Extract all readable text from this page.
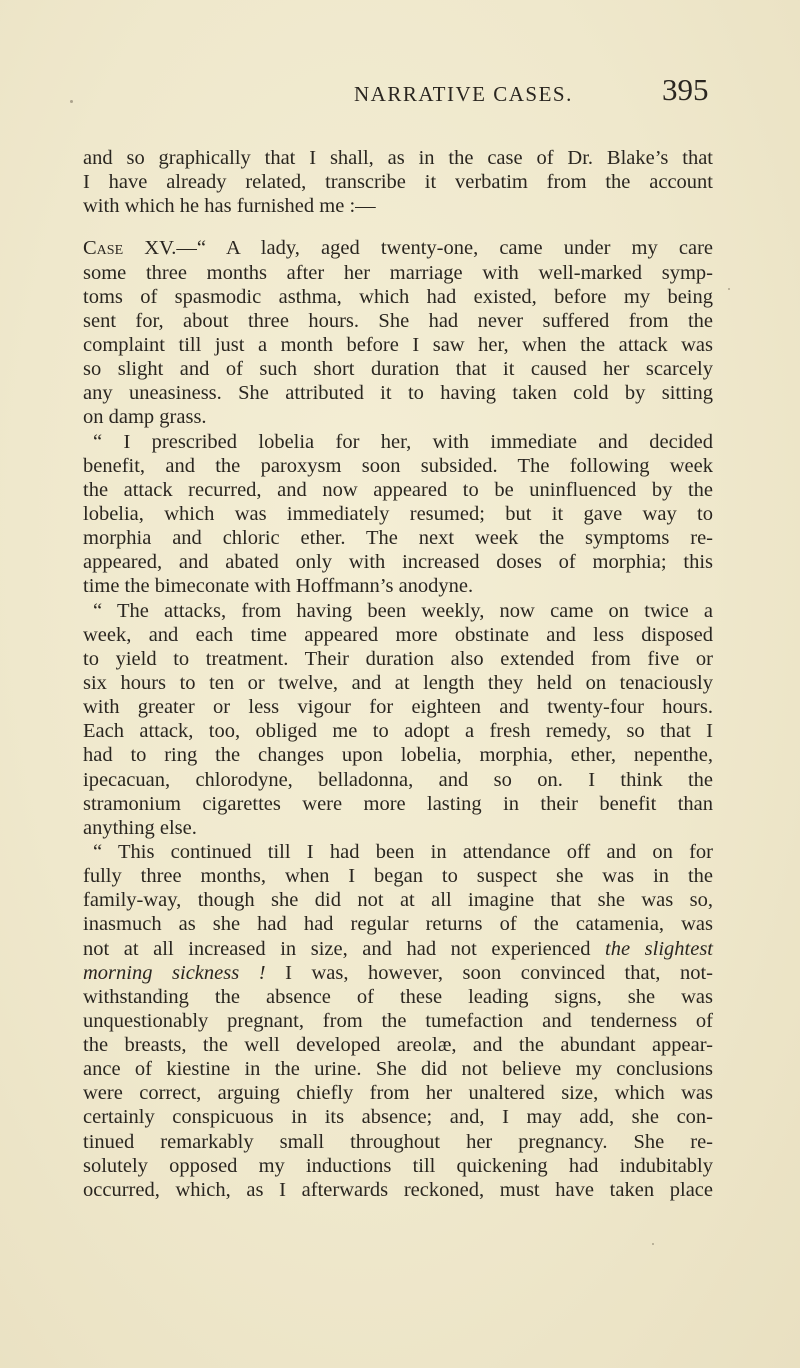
NARRATIVE CASES.	395
and so graphically that I shall, as in the case of Dr. Blake’s that
I have already related, transcribe it verbatim from the account
with which he has furnished me :—
Case XV.—“ A lady, aged twenty-one, came under my care
some three months after her marriage with well-marked symp-
toms of spasmodic asthma, which had existed, before my being
sent for, about three hours. She had never suffered from the
complaint till just a month before I saw her, when the attack was
so slight and of such short duration that it caused her scarcely
any uneasiness. She attributed it to having taken cold by sitting
on damp grass.
“ I prescribed lobelia for her, with immediate and decided
benefit, and the paroxysm soon subsided. The following week
the attack recurred, and now appeared to be uninfluenced by the
lobelia, which was immediately resumed; but it gave way to
morphia and chloric ether. The next week the symptoms re-
appeared, and abated only with increased doses of morphia; this
time the bimeconate with Hoffmann’s anodyne.
“ The attacks, from having been weekly, now came on twice a
week, and each time appeared more obstinate and less disposed
to yield to treatment. Their duration also extended from five or
six hours to ten or twelve, and at length they held on tenaciously
with greater or less vigour for eighteen and twenty-four hours.
Each attack, too, obliged me to adopt a fresh remedy, so that I
had to ring the changes upon lobelia, morphia, ether, nepenthe,
ipecacuan, chlorodyne, belladonna, and so on. I think the
stramonium cigarettes were more lasting in their benefit than
anything else.
“ This continued till I had been in attendance off and on for
fully three months, when I began to suspect she was in the
family-way, though she did not at all imagine that she was so,
inasmuch as she had had regular returns of the catamenia, was
not at all increased in size, and had not experienced the slightest
morning sickness ! I was, however, soon convinced that, not-
withstanding the absence of these leading signs, she was
unquestionably pregnant, from the tumefaction and tenderness of
the breasts, the well developed areolæ, and the abundant appear-
ance of kiestine in the urine. She did not believe my conclusions
were correct, arguing chiefly from her unaltered size, which was
certainly conspicuous in its absence; and, I may add, she con-
tinued remarkably small throughout her pregnancy. She re-
solutely opposed my inductions till quickening had indubitably
occurred, which, as I afterwards reckoned, must have taken place
